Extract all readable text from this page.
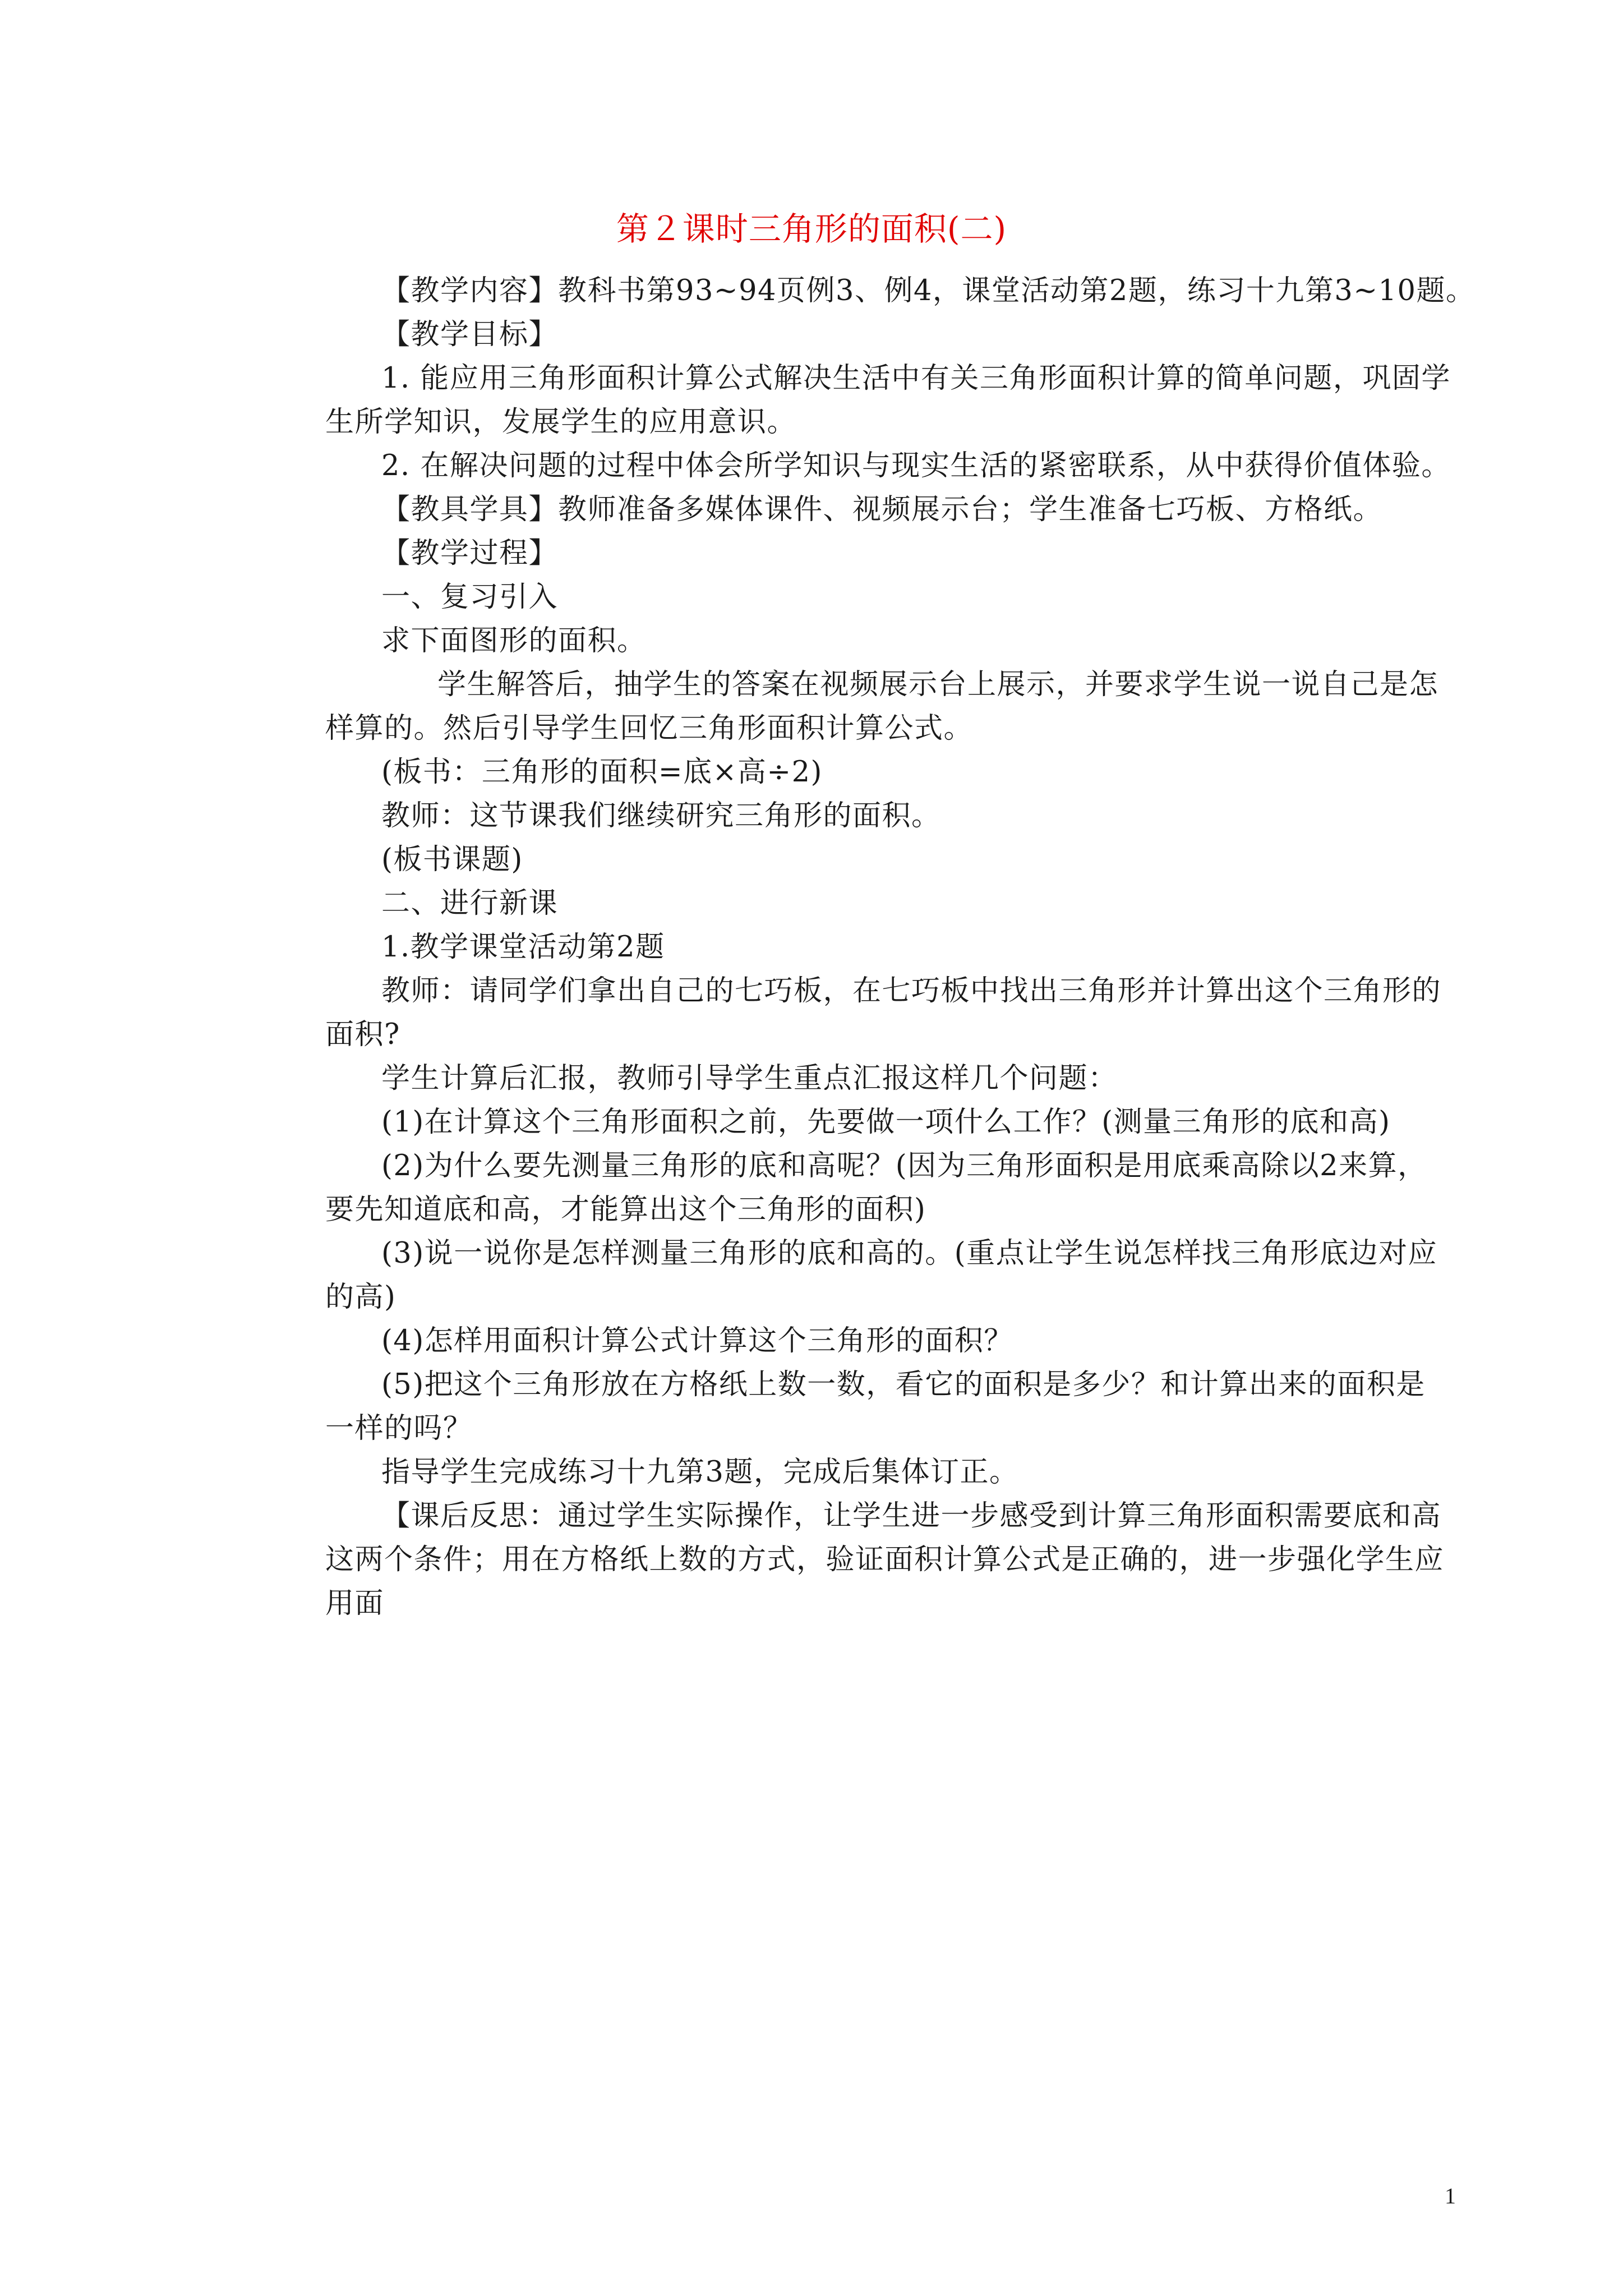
第２课时三角形的面积(二)

【教学内容】教科书第93~94页例3、例4，课堂活动第2题，练习十九第3~10题。

【教学目标】

1. 能应用三角形面积计算公式解决生活中有关三角形面积计算的简单问题，巩固学生所学知识，发展学生的应用意识。

2. 在解决问题的过程中体会所学知识与现实生活的紧密联系，从中获得价值体验。

【教具学具】教师准备多媒体课件、视频展示台；学生准备七巧板、方格纸。

【教学过程】

一、复习引入

求下面图形的面积。

学生解答后，抽学生的答案在视频展示台上展示，并要求学生说一说自己是怎样算的。然后引导学生回忆三角形面积计算公式。

(板书：三角形的面积=底×高÷2)

教师：这节课我们继续研究三角形的面积。

(板书课题)

二、进行新课

1.教学课堂活动第2题

教师：请同学们拿出自己的七巧板，在七巧板中找出三角形并计算出这个三角形的面积?

学生计算后汇报，教师引导学生重点汇报这样几个问题：

(1)在计算这个三角形面积之前，先要做一项什么工作？(测量三角形的底和高)

(2)为什么要先测量三角形的底和高呢？(因为三角形面积是用底乘高除以2来算，要先知道底和高，才能算出这个三角形的面积)

(3)说一说你是怎样测量三角形的底和高的。(重点让学生说怎样找三角形底边对应的高)

(4)怎样用面积计算公式计算这个三角形的面积？

(5)把这个三角形放在方格纸上数一数，看它的面积是多少？和计算出来的面积是一样的吗？

指导学生完成练习十九第3题，完成后集体订正。

【课后反思：通过学生实际操作，让学生进一步感受到计算三角形面积需要底和高这两个条件；用在方格纸上数的方式，验证面积计算公式是正确的，进一步强化学生应用面

1
